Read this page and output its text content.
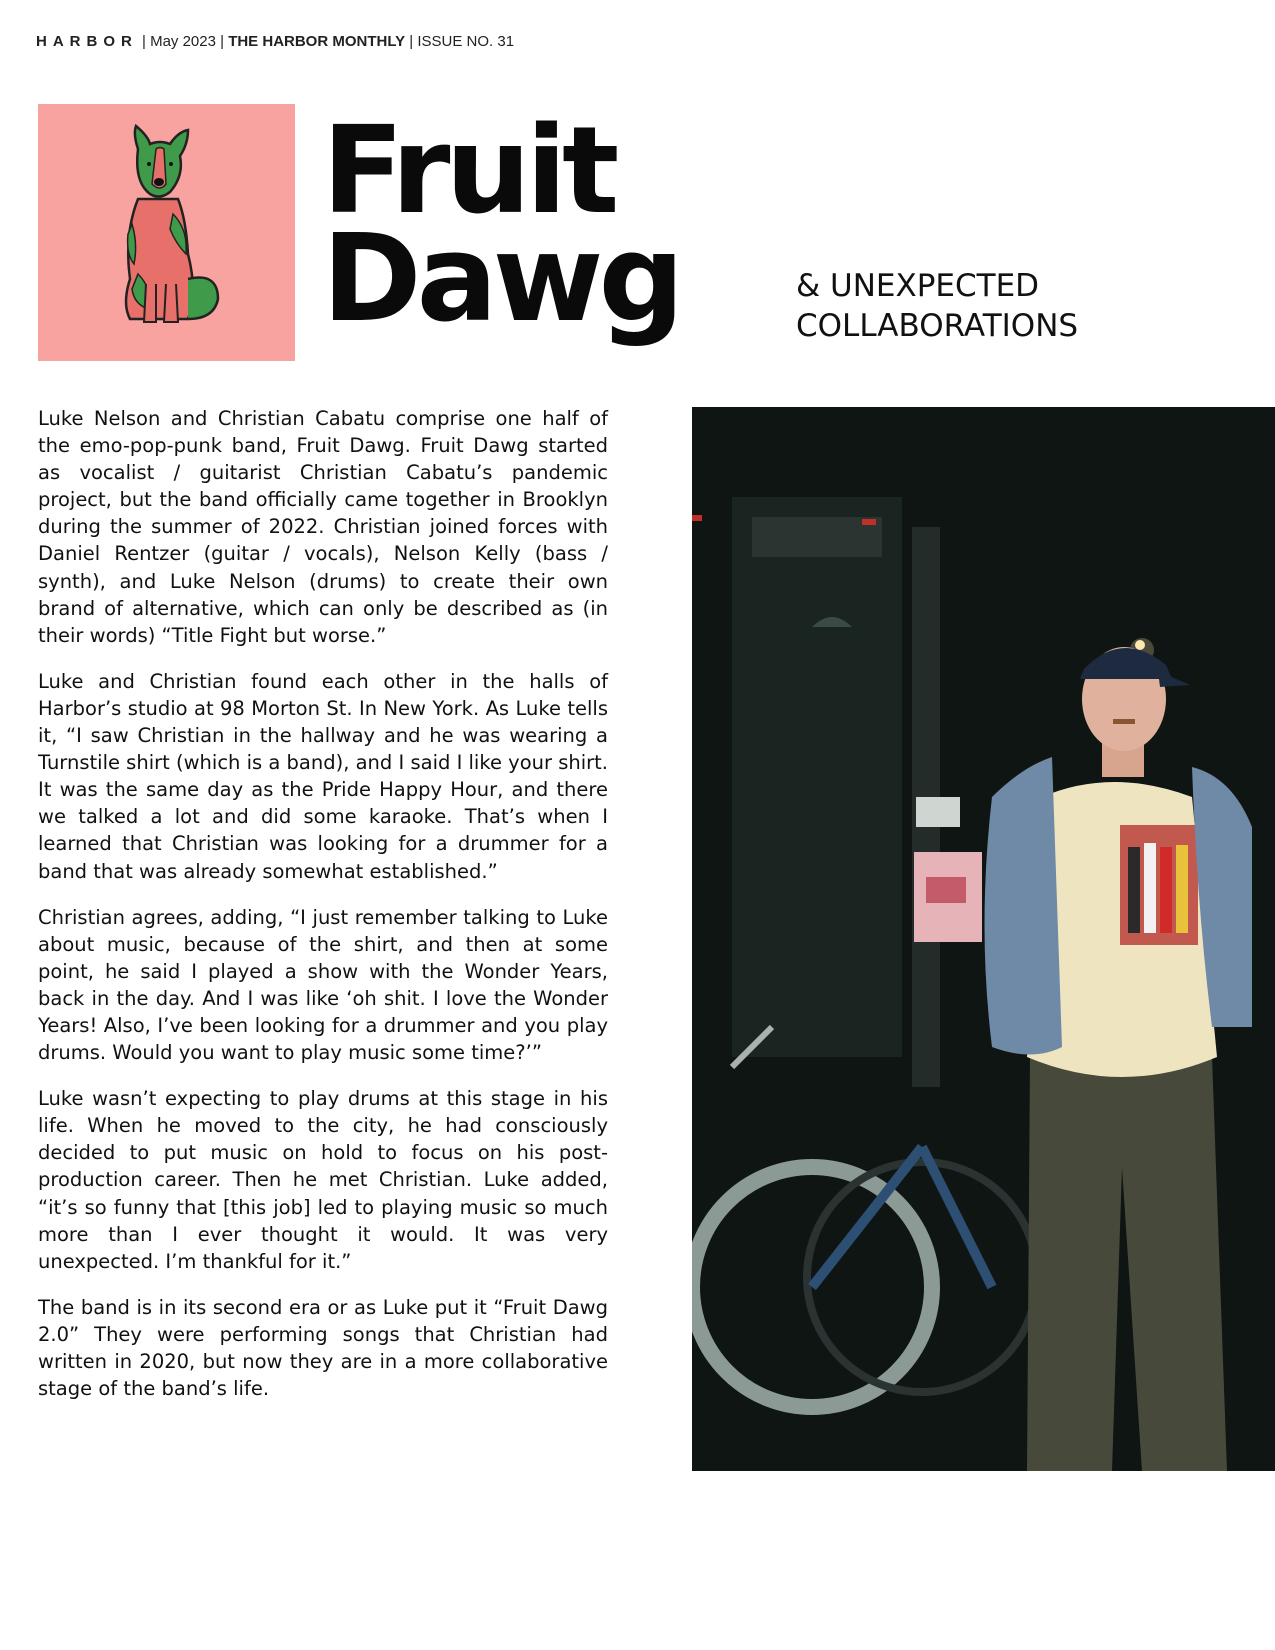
HARBOR | May 2023 | THE HARBOR MONTHLY | ISSUE NO. 31
Fruit
Dawg	& UNEXPECTED
COLLABORATIONS

Luke Nelson and Christian Cabatu comprise one half of the emo-pop-punk band, Fruit Dawg. Fruit Dawg started as vocalist / guitarist Christian Cabatu’s pandemic project, but the band officially came together in Brooklyn during the summer of 2022. Christian joined forces with Daniel Rentzer (guitar / vocals), Nelson Kelly (bass / synth), and Luke Nelson (drums) to create their own brand of alternative, which can only be described as (in their words) “Title Fight but worse.”

Luke and Christian found each other in the halls of Harbor’s studio at 98 Morton St. In New York. As Luke tells it, “I saw Christian in the hallway and he was wearing a Turnstile shirt (which is a band), and I said I like your shirt. It was the same day as the Pride Happy Hour, and there we talked a lot and did some karaoke. That’s when I learned that Christian was looking for a drummer for a band that was already somewhat established.”

Christian agrees, adding, “I just remember talking to Luke about music, because of the shirt, and then at some point, he said I played a show with the Wonder Years, back in the day. And I was like ‘oh shit. I love the Wonder Years! Also, I’ve been looking for a drummer and you play drums. Would you want to play music some time?’”

Luke wasn’t expecting to play drums at this stage in his life. When he moved to the city, he had consciously decided to put music on hold to focus on his post-production career. Then he met Christian. Luke added, “it’s so funny that [this job] led to playing music so much more than I ever thought it would. It was very unexpected. I’m thankful for it.”

The band is in its second era or as Luke put it “Fruit Dawg 2.0” They were performing songs that Christian had written in 2020, but now they are in a more collaborative stage of the band’s life.
